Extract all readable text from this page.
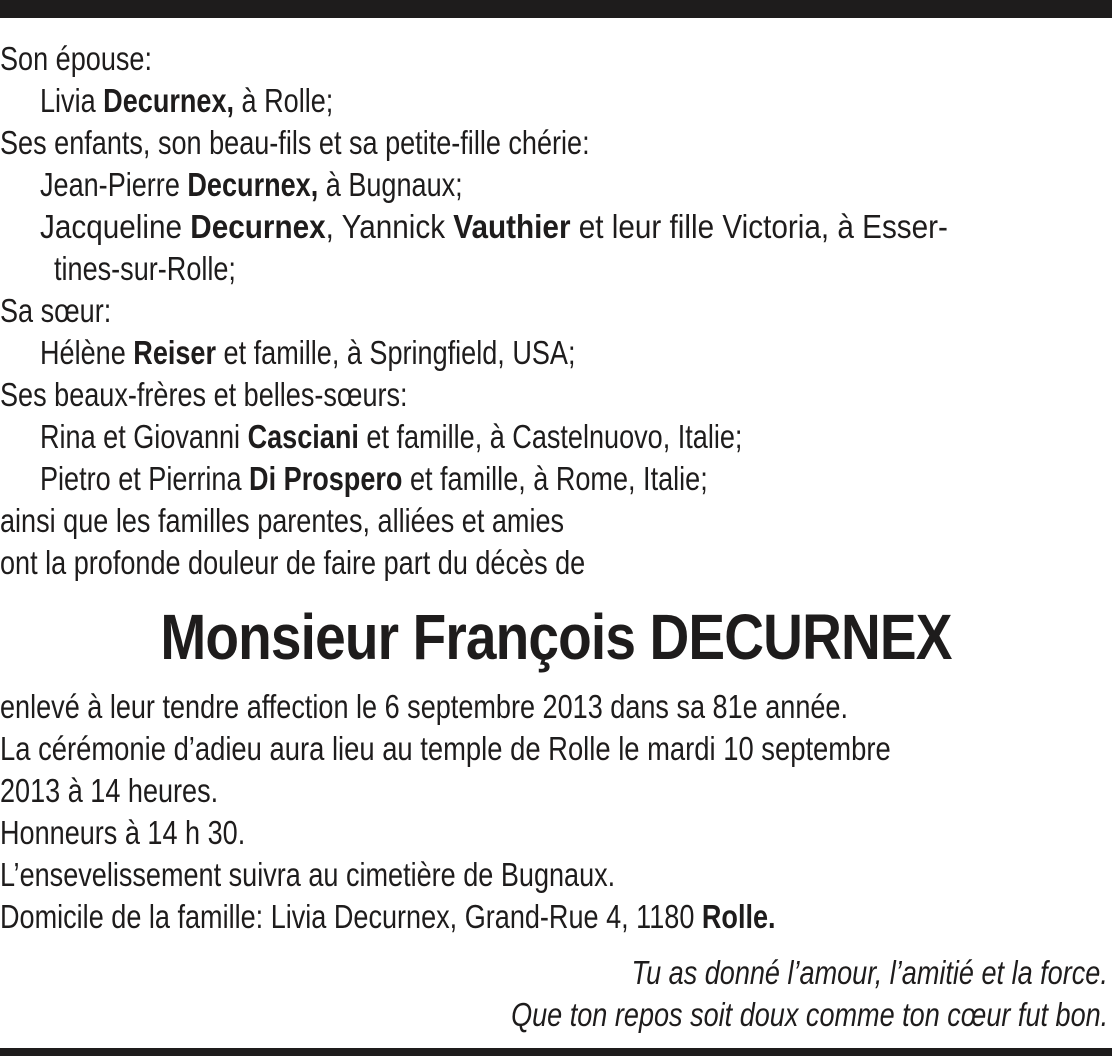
Son épouse:
Livia Decurnex, à Rolle;
Ses enfants, son beau-fils et sa petite-fille chérie:
Jean-Pierre Decurnex, à Bugnaux;
Jacqueline Decurnex, Yannick Vauthier et leur fille Victoria, à Esser-
tines-sur-Rolle;
Sa sœur:
Hélène Reiser et famille, à Springfield, USA;
Ses beaux-frères et belles-sœurs:
Rina et Giovanni Casciani et famille, à Castelnuovo, Italie;
Pietro et Pierrina Di Prospero et famille, à Rome, Italie;
ainsi que les familles parentes, alliées et amies
ont la profonde douleur de faire part du décès de
Monsieur François DECURNEX
enlevé à leur tendre affection le 6 septembre 2013 dans sa 81e année.
La cérémonie d’adieu aura lieu au temple de Rolle le mardi 10 septembre
2013 à 14 heures.
Honneurs à 14 h 30.
L’ensevelissement suivra au cimetière de Bugnaux.
Domicile de la famille: Livia Decurnex, Grand-Rue 4, 1180 Rolle.
Tu as donné l’amour, l’amitié et la force.
Que ton repos soit doux comme ton cœur fut bon.
